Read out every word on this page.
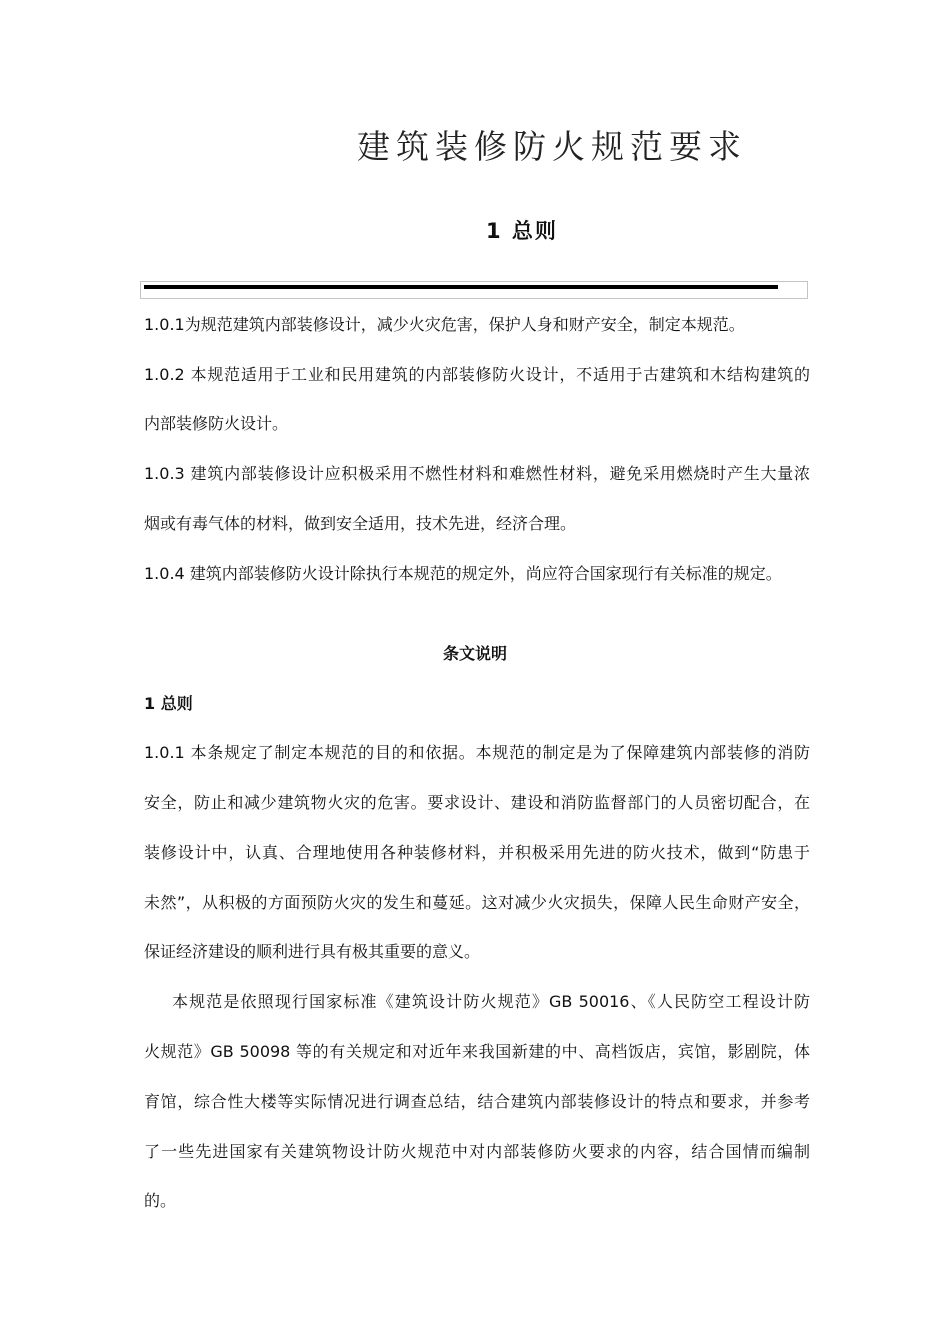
建筑装修防火规范要求
1 总则
1.0.1为规范建筑内部装修设计，减少火灾危害，保护人身和财产安全，制定本规范。
1.0.2 本规范适用于工业和民用建筑的内部装修防火设计，不适用于古建筑和木结构建筑的
内部装修防火设计。
1.0.3 建筑内部装修设计应积极采用不燃性材料和难燃性材料，避免采用燃烧时产生大量浓
烟或有毒气体的材料，做到安全适用，技术先进，经济合理。
1.0.4 建筑内部装修防火设计除执行本规范的规定外，尚应符合国家现行有关标准的规定。
条文说明
1 总则
1.0.1 本条规定了制定本规范的目的和依据。本规范的制定是为了保障建筑内部装修的消防
安全，防止和减少建筑物火灾的危害。要求设计、建设和消防监督部门的人员密切配合，在
装修设计中，认真、合理地使用各种装修材料，并积极采用先进的防火技术，做到“防患于
未然”，从积极的方面预防火灾的发生和蔓延。这对减少火灾损失，保障人民生命财产安全，
保证经济建设的顺利进行具有极其重要的意义。
本规范是依照现行国家标准《建筑设计防火规范》GB 50016、《人民防空工程设计防
火规范》GB 50098 等的有关规定和对近年来我国新建的中、高档饭店，宾馆，影剧院，体
育馆，综合性大楼等实际情况进行调查总结，结合建筑内部装修设计的特点和要求，并参考
了一些先进国家有关建筑物设计防火规范中对内部装修防火要求的内容，结合国情而编制
的。
